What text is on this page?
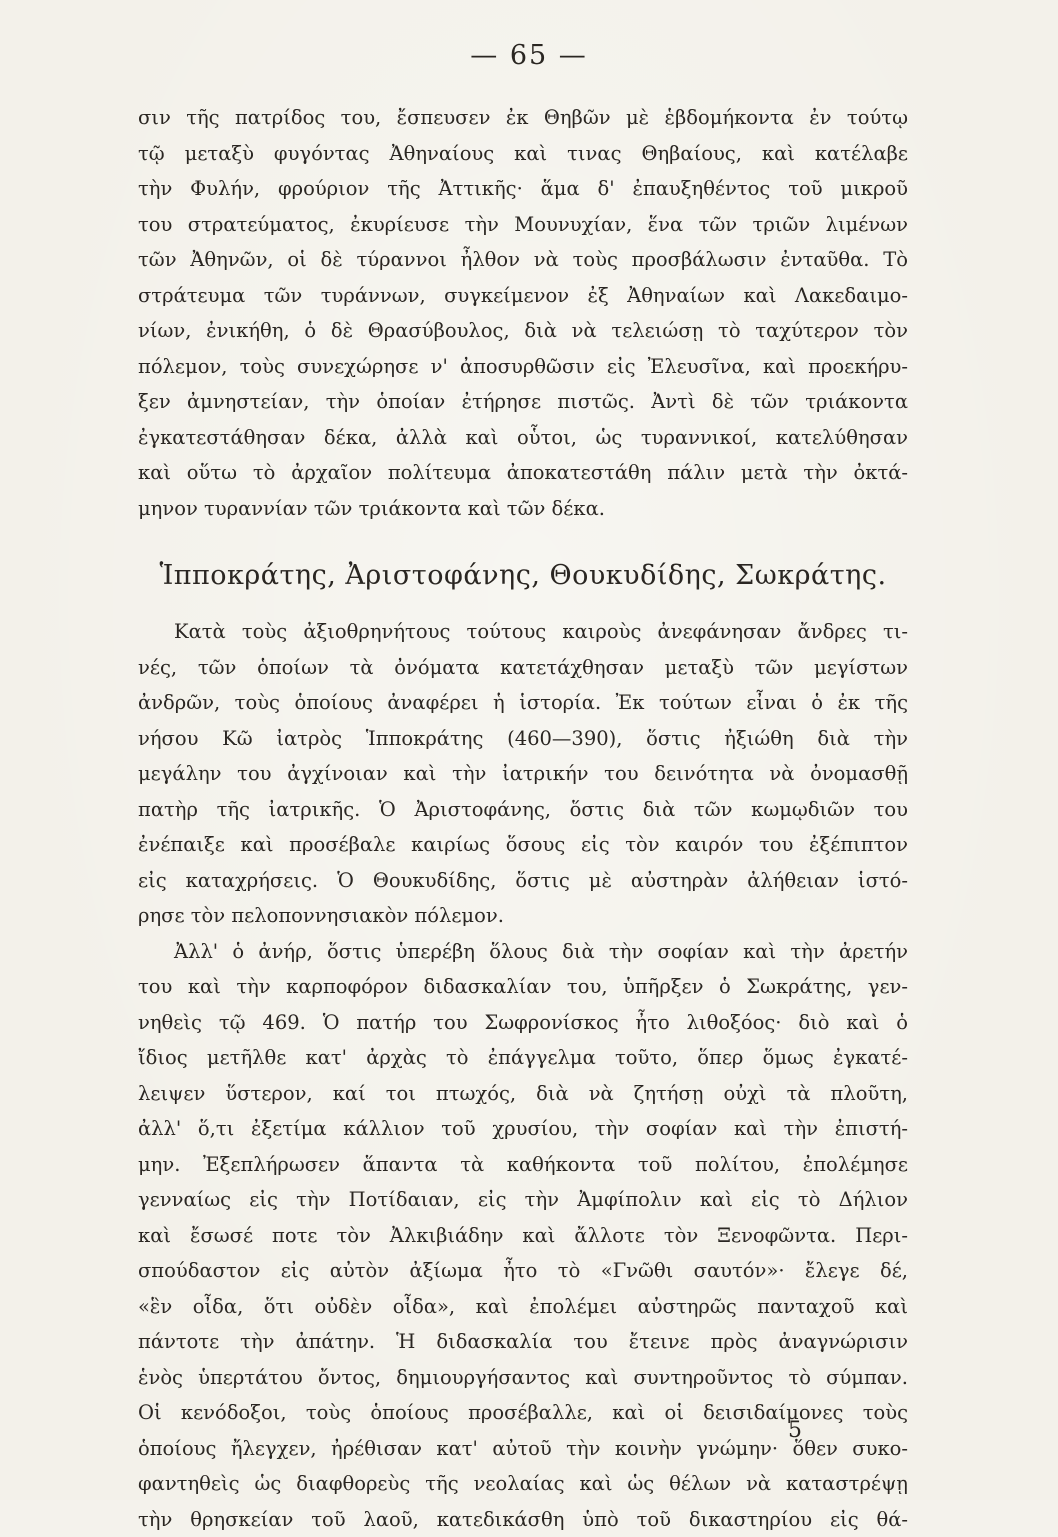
— 65 —
σιν τῆς πατρίδος του, ἔσπευσεν ἐκ Θηβῶν μὲ ἑβδομήκοντα ἐν τούτῳ
τῷ μεταξὺ φυγόντας Ἀθηναίους καὶ τινας Θηβαίους, καὶ κατέλαβε
τὴν Φυλήν, φρούριον τῆς Ἀττικῆς· ἅμα δ' ἐπαυξηθέντος τοῦ μικροῦ
του στρατεύματος, ἐκυρίευσε τὴν Μουνυχίαν, ἕνα τῶν τριῶν λιμένων
τῶν Ἀθηνῶν, οἱ δὲ τύραννοι ἦλθον νὰ τοὺς προσβάλωσιν ἐνταῦθα. Τὸ
στράτευμα τῶν τυράννων, συγκείμενον ἐξ Ἀθηναίων καὶ Λακεδαιμο-
νίων, ἐνικήθη, ὁ δὲ Θρασύβουλος, διὰ νὰ τελειώσῃ τὸ ταχύτερον τὸν
πόλεμον, τοὺς συνεχώρησε ν' ἀποσυρθῶσιν εἰς Ἐλευσῖνα, καὶ προεκήρυ-
ξεν ἀμνηστείαν, τὴν ὁποίαν ἐτήρησε πιστῶς. Ἀντὶ δὲ τῶν τριάκοντα
ἐγκατεστάθησαν δέκα, ἀλλὰ καὶ οὗτοι, ὡς τυραννικοί, κατελύθησαν
καὶ οὕτω τὸ ἀρχαῖον πολίτευμα ἀποκατεστάθη πάλιν μετὰ τὴν ὀκτά-
μηνον τυραννίαν τῶν τριάκοντα καὶ τῶν δέκα.
Ἱπποκράτης, Ἀριστοφάνης, Θουκυδίδης, Σωκράτης.
Κατὰ τοὺς ἀξιοθρηνήτους τούτους καιροὺς ἀνεφάνησαν ἄνδρες τι-
νές, τῶν ὁποίων τὰ ὀνόματα κατετάχθησαν μεταξὺ τῶν μεγίστων
ἀνδρῶν, τοὺς ὁποίους ἀναφέρει ἡ ἱστορία. Ἐκ τούτων εἶναι ὁ ἐκ τῆς
νήσου Κῶ ἰατρὸς Ἱπποκράτης (460—390), ὅστις ἠξιώθη διὰ τὴν
μεγάλην του ἀγχίνοιαν καὶ τὴν ἰατρικήν του δεινότητα νὰ ὀνομασθῇ
πατὴρ τῆς ἰατρικῆς. Ὁ Ἀριστοφάνης, ὅστις διὰ τῶν κωμῳδιῶν του
ἐνέπαιξε καὶ προσέβαλε καιρίως ὅσους εἰς τὸν καιρόν του ἐξέπιπτον
εἰς καταχρήσεις. Ὁ Θουκυδίδης, ὅστις μὲ αὐστηρὰν ἀλήθειαν ἱστό-
ρησε τὸν πελοποννησιακὸν πόλεμον.
Ἀλλ' ὁ ἀνήρ, ὅστις ὑπερέβη ὅλους διὰ τὴν σοφίαν καὶ τὴν ἀρετήν
του καὶ τὴν καρποφόρον διδασκαλίαν του, ὑπῆρξεν ὁ Σωκράτης, γεν-
νηθεὶς τῷ 469. Ὁ πατήρ του Σωφρονίσκος ἦτο λιθοξόος· διὸ καὶ ὁ
ἴδιος μετῆλθε κατ' ἀρχὰς τὸ ἐπάγγελμα τοῦτο, ὅπερ ὅμως ἐγκατέ-
λειψεν ὕστερον, καί τοι πτωχός, διὰ νὰ ζητήσῃ οὐχὶ τὰ πλοῦτη,
ἀλλ' ὅ,τι ἐξετίμα κάλλιον τοῦ χρυσίου, τὴν σοφίαν καὶ τὴν ἐπιστή-
μην. Ἐξεπλήρωσεν ἅπαντα τὰ καθήκοντα τοῦ πολίτου, ἐπολέμησε
γενναίως εἰς τὴν Ποτίδαιαν, εἰς τὴν Ἀμφίπολιν καὶ εἰς τὸ Δήλιον
καὶ ἔσωσέ ποτε τὸν Ἀλκιβιάδην καὶ ἄλλοτε τὸν Ξενοφῶντα. Περι-
σπούδαστον εἰς αὐτὸν ἀξίωμα ἦτο τὸ «Γνῶθι σαυτόν»· ἔλεγε δέ,
«ἓν οἶδα, ὅτι οὐδὲν οἶδα», καὶ ἐπολέμει αὐστηρῶς πανταχοῦ καὶ
πάντοτε τὴν ἀπάτην. Ἡ διδασκαλία του ἔτεινε πρὸς ἀναγνώρισιν
ἑνὸς ὑπερτάτου ὄντος, δημιουργήσαντος καὶ συντηροῦντος τὸ σύμπαν.
Οἱ κενόδοξοι, τοὺς ὁποίους προσέβαλλε, καὶ οἱ δεισιδαίμονες τοὺς
ὁποίους ἤλεγχεν, ἠρέθισαν κατ' αὐτοῦ τὴν κοινὴν γνώμην· ὅθεν συκο-
φαντηθεὶς ὡς διαφθορεὺς τῆς νεολαίας καὶ ὡς θέλων νὰ καταστρέψῃ
τὴν θρησκείαν τοῦ λαοῦ, κατεδικάσθη ὑπὸ τοῦ δικαστηρίου εἰς θά-
5
